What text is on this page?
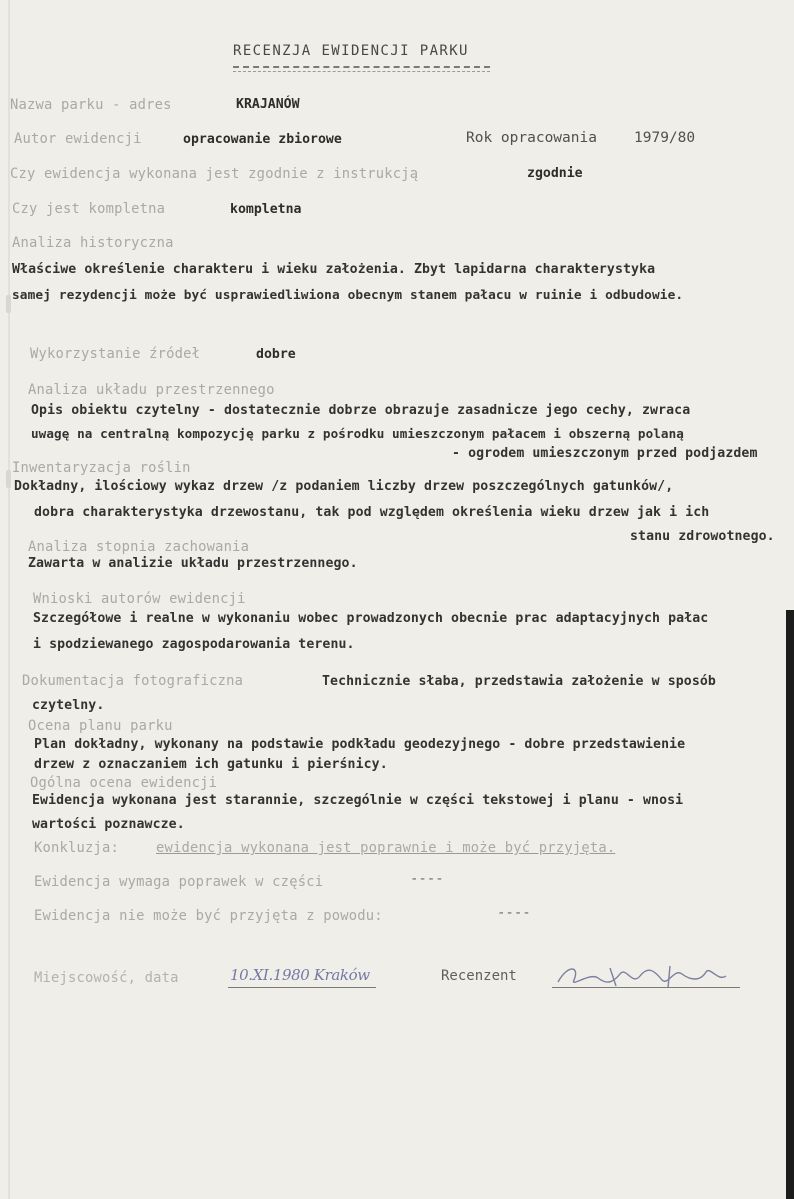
RECENZJA EWIDENCJI PARKU
Nazwa parku - adres	KRAJANÓW
Autor ewidencji	opracowanie zbiorowe	Rok opracowania	1979/80
Czy ewidencja wykonana jest zgodnie z instrukcją	zgodnie
Czy jest kompletna	kompletna
Analiza historyczna
Właściwe określenie charakteru i wieku założenia. Zbyt lapidarna charakterystyka
samej rezydencji może być usprawiedliwiona obecnym stanem pałacu w ruinie i odbudowie.
Wykorzystanie źródeł	dobre
Analiza układu przestrzennego
Opis obiektu czytelny - dostatecznie dobrze obrazuje zasadnicze jego cechy, zwraca
uwagę na centralną kompozycję parku z pośrodku umieszczonym pałacem i obszerną polaną
- ogrodem umieszczonym przed podjazdem
Inwentaryzacja roślin
Dokładny, ilościowy wykaz drzew /z podaniem liczby drzew poszczególnych gatunków/,
dobra charakterystyka drzewostanu, tak pod względem określenia wieku drzew jak i ich
stanu zdrowotnego.
Analiza stopnia zachowania
Zawarta w analizie układu przestrzennego.
Wnioski autorów ewidencji
Szczegółowe i realne w wykonaniu wobec prowadzonych obecnie prac adaptacyjnych pałac
i spodziewanego zagospodarowania terenu.
Dokumentacja fotograficzna	Technicznie słaba, przedstawia założenie w sposób
czytelny.
Ocena planu parku
Plan dokładny, wykonany na podstawie podkładu geodezyjnego - dobre przedstawienie
drzew z oznaczaniem ich gatunku i pierśnicy.
Ogólna ocena ewidencji
Ewidencja wykonana jest starannie, szczególnie w części tekstowej i planu - wnosi
wartości poznawcze.
Konkluzja:	ewidencja wykonana jest poprawnie i może być przyjęta.
Ewidencja wymaga poprawek w części	----
Ewidencja nie może być przyjęta z powodu:	----
Miejscowość, data	10.XI.1980 Kraków	Recenzent
